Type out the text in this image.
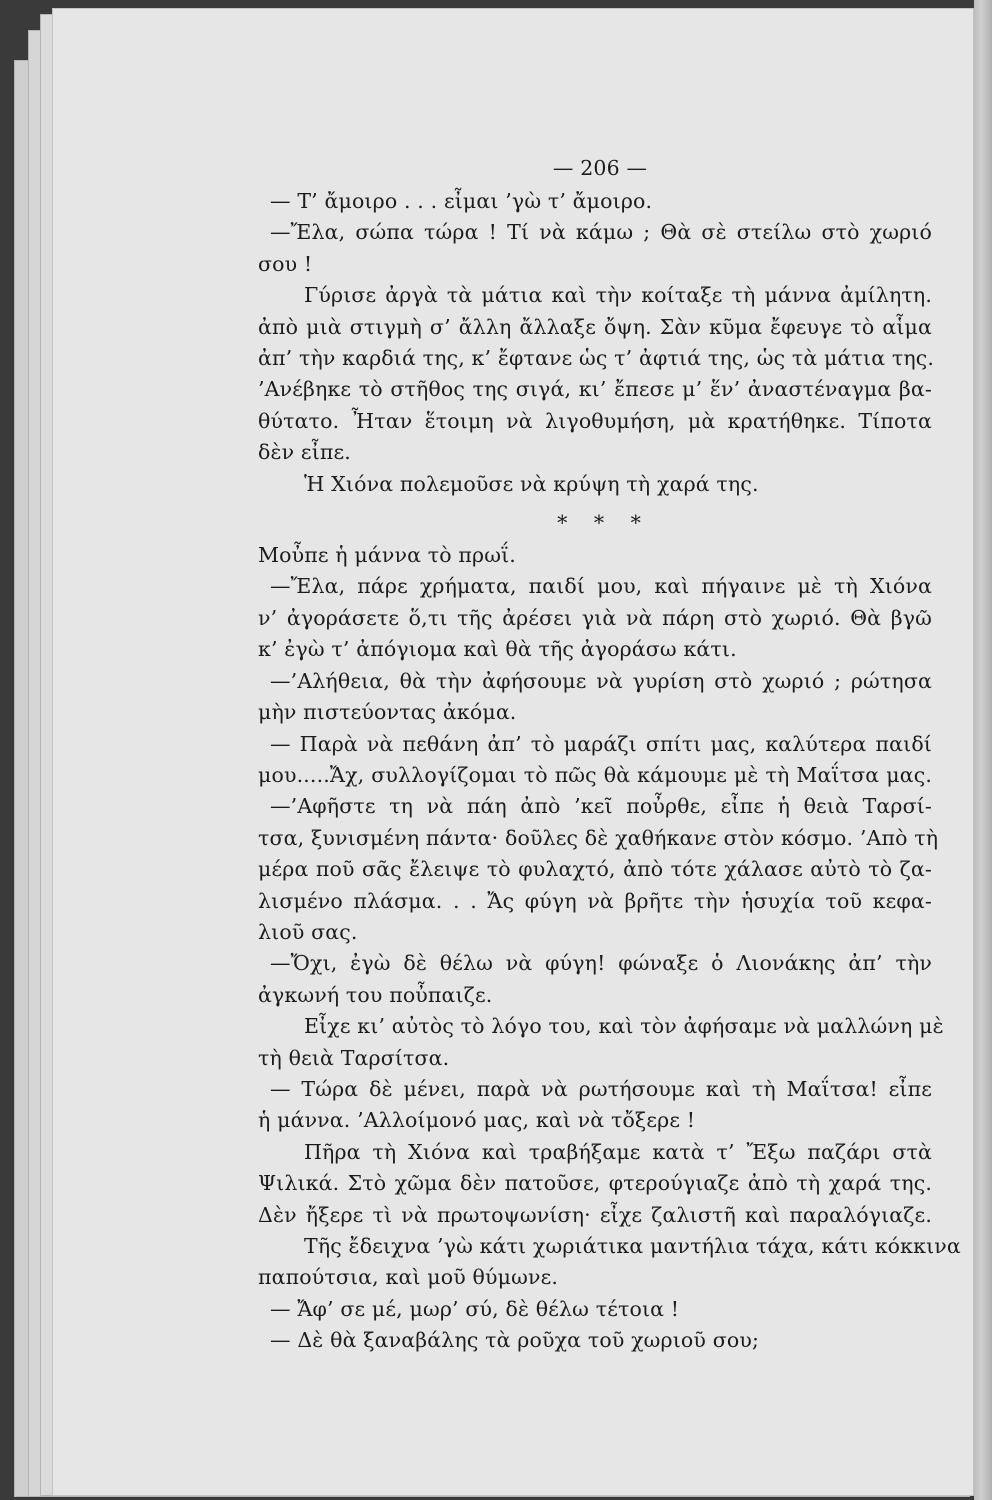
— 206 —
— Τ’ ἄμοιρο . . . εἶμαι ’γὼ τ’ ἄμοιρο.
—Ἔλα, σώπα τώρα ! Τί νὰ κάμω ; Θὰ σὲ στείλω στὸ χωριό
σου !
Γύρισε ἀργὰ τὰ μάτια καὶ τὴν κοίταξε τὴ μάννα ἀμίλητη.
ἀπὸ μιὰ στιγμὴ σ’ ἄλλη ἄλλαξε ὄψη. Σὰν κῦμα ἔφευγε τὸ αἷμα
ἀπ’ τὴν καρδιά της, κ’ ἔφτανε ὡς τ’ ἀφτιά της, ὡς τὰ μάτια της.
’Ανέβηκε τὸ στῆθος της σιγά, κι’ ἔπεσε μ’ ἕν’ ἀναστέναγμα βα-
θύτατο. Ἦταν ἕτοιμη νὰ λιγοθυμήση, μὰ κρατήθηκε. Τίποτα
δὲν εἶπε.
Ἡ Χιόνα πολεμοῦσε νὰ κρύψη τὴ χαρά της.
* * *
Μοὖπε ἡ μάννα τὸ πρωΐ.
—Ἔλα, πάρε χρήματα, παιδί μου, καὶ πήγαινε μὲ τὴ Χιόνα
ν’ ἀγοράσετε ὅ,τι τῆς ἀρέσει γιὰ νὰ πάρη στὸ χωριό. Θὰ βγῶ
κ’ ἐγὼ τ’ ἀπόγιομα καὶ θὰ τῆς ἀγοράσω κάτι.
—’Αλήθεια, θὰ τὴν ἀφήσουμε νὰ γυρίση στὸ χωριό ; ρώτησα
μὴν πιστεύοντας ἀκόμα.
— Παρὰ νὰ πεθάνη ἀπ’ τὸ μαράζι σπίτι μας, καλύτερα παιδί
μου.....Ἄχ, συλλογίζομαι τὸ πῶς θὰ κάμουμε μὲ τὴ Μαΐτσα μας.
—’Αφῆστε τη νὰ πάη ἀπὸ ’κεῖ ποὖρθε, εἶπε ἡ θειὰ Ταρσί-
τσα, ξυνισμένη πάντα· δοῦλες δὲ χαθήκανε στὸν κόσμο. ’Απὸ τὴ
μέρα ποῦ σᾶς ἔλειψε τὸ φυλαχτό, ἀπὸ τότε χάλασε αὐτὸ τὸ ζα-
λισμένο πλάσμα. . . Ἄς φύγη νὰ βρῆτε τὴν ἡσυχία τοῦ κεφα-
λιοῦ σας.
—Ὄχι, ἐγὼ δὲ θέλω νὰ φύγη! φώναξε ὁ Λιονάκης ἀπ’ τὴν
ἀγκωνή του ποὖπαιζε.
Εἶχε κι’ αὐτὸς τὸ λόγο του, καὶ τὸν ἀφήσαμε νὰ μαλλώνη μὲ
τὴ θειὰ Ταρσίτσα.
— Τώρα δὲ μένει, παρὰ νὰ ρωτήσουμε καὶ τὴ Μαΐτσα! εἶπε
ἡ μάννα. ’Αλλοίμονό μας, καὶ νὰ τὄξερε !
Πῆρα τὴ Χιόνα καὶ τραβήξαμε κατὰ τ’ Ἔξω παζάρι στὰ
Ψιλικά. Στὸ χῶμα δὲν πατοῦσε, φτερούγιαζε ἀπὸ τὴ χαρά της.
Δὲν ἤξερε τὶ νὰ πρωτοψωνίση· εἶχε ζαλιστῆ καὶ παραλόγιαζε.
Τῆς ἔδειχνα ’γὼ κάτι χωριάτικα μαντήλια τάχα, κάτι κόκκινα
παπούτσια, καὶ μοῦ θύμωνε.
— Ἄφ’ σε μέ, μωρ’ σύ, δὲ θέλω τέτοια !
— Δὲ θὰ ξαναβάλης τὰ ροῦχα τοῦ χωριοῦ σου;
